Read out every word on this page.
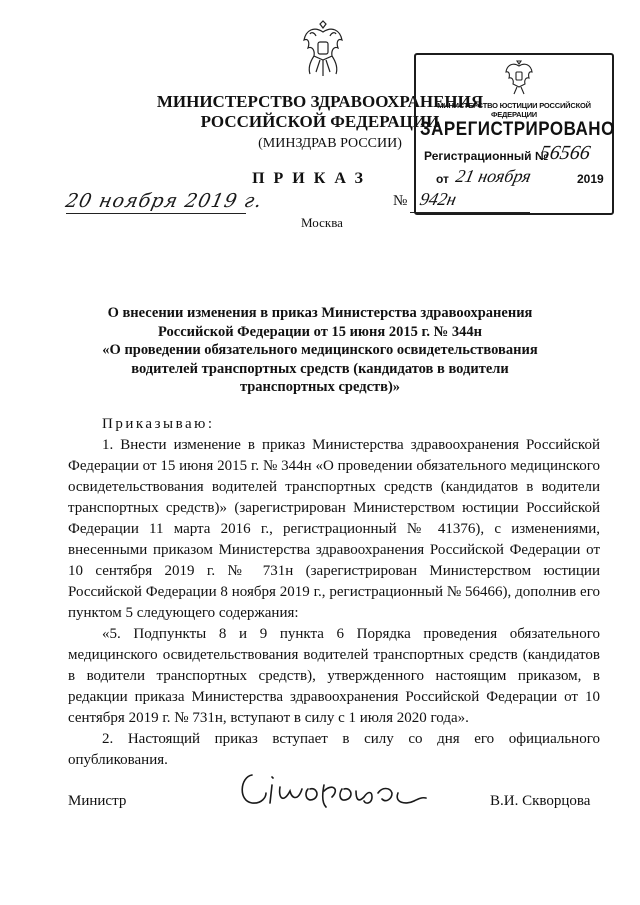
МИНИСТЕРСТВО ЗДРАВООХРАНЕНИЯ
РОССИЙСКОЙ ФЕДЕРАЦИИ
(МИНЗДРАВ РОССИИ)
ПРИКАЗ
20 ноября 2019 г.	№ 942н
Москва
МИНИСТЕРСТВО ЮСТИЦИИ РОССИЙСКОЙ ФЕДЕРАЦИИ
ЗАРЕГИСТРИРОВАНО
Регистрационный №
56566
от 21 ноября	2019
О внесении изменения в приказ Министерства здравоохранения
Российской Федерации от 15 июня 2015 г. № 344н
«О проведении обязательного медицинского освидетельствования
водителей транспортных средств (кандидатов в водители
транспортных средств)»

Приказываю:

1. Внести изменение в приказ Министерства здравоохранения Российской Федерации от 15 июня 2015 г. № 344н «О проведении обязательного медицинского освидетельствования водителей транспортных средств (кандидатов в водители транспортных средств)» (зарегистрирован Министерством юстиции Российской Федерации 11 марта 2016 г., регистрационный № 41376), с изменениями, внесенными приказом Министерства здравоохранения Российской Федерации от 10 сентября 2019 г. № 731н (зарегистрирован Министерством юстиции Российской Федерации 8 ноября 2019 г., регистрационный № 56466), дополнив его пунктом 5 следующего содержания:

«5. Подпункты 8 и 9 пункта 6 Порядка проведения обязательного медицинского освидетельствования водителей транспортных средств (кандидатов в водители транспортных средств), утвержденного настоящим приказом, в редакции приказа Министерства здравоохранения Российской Федерации от 10 сентября 2019 г. № 731н, вступают в силу с 1 июля 2020 года».

2. Настоящий приказ вступает в силу со дня его официального опубликования.

Министр	В.И. Скворцова
